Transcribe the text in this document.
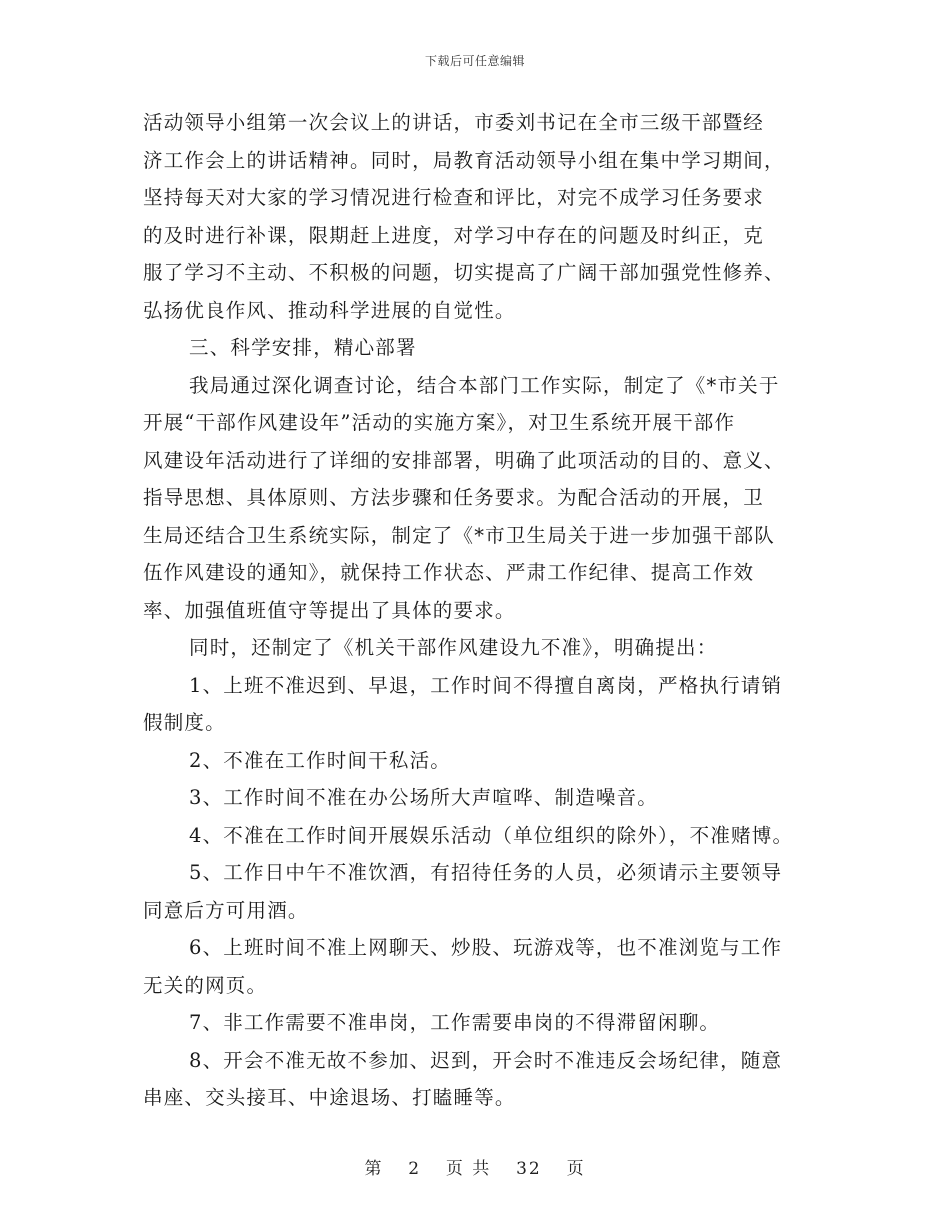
下载后可任意编辑
活动领导小组第一次会议上的讲话，市委刘书记在全市三级干部暨经
济工作会上的讲话精神。同时，局教育活动领导小组在集中学习期间，
坚持每天对大家的学习情况进行检查和评比，对完不成学习任务要求
的及时进行补课，限期赶上进度，对学习中存在的问题及时纠正，克
服了学习不主动、不积极的问题，切实提高了广阔干部加强党性修养、
弘扬优良作风、推动科学进展的自觉性。
三、科学安排，精心部署
我局通过深化调查讨论，结合本部门工作实际，制定了《*市关于
开展“干部作风建设年”活动的实施方案》，对卫生系统开展干部作
风建设年活动进行了详细的安排部署，明确了此项活动的目的、意义、
指导思想、具体原则、方法步骤和任务要求。为配合活动的开展，卫
生局还结合卫生系统实际，制定了《*市卫生局关于进一步加强干部队
伍作风建设的通知》，就保持工作状态、严肃工作纪律、提高工作效
率、加强值班值守等提出了具体的要求。
同时，还制定了《机关干部作风建设九不准》，明确提出：
1、上班不准迟到、早退，工作时间不得擅自离岗，严格执行请销
假制度。
2、不准在工作时间干私活。
3、工作时间不准在办公场所大声喧哗、制造噪音。
4、不准在工作时间开展娱乐活动（单位组织的除外），不准赌博。
5、工作日中午不准饮酒，有招待任务的人员，必须请示主要领导
同意后方可用酒。
6、上班时间不准上网聊天、炒股、玩游戏等，也不准浏览与工作
无关的网页。
7、非工作需要不准串岗，工作需要串岗的不得滞留闲聊。
8、开会不准无故不参加、迟到，开会时不准违反会场纪律，随意
串座、交头接耳、中途退场、打瞌睡等。
第 2 页 共 32 页
